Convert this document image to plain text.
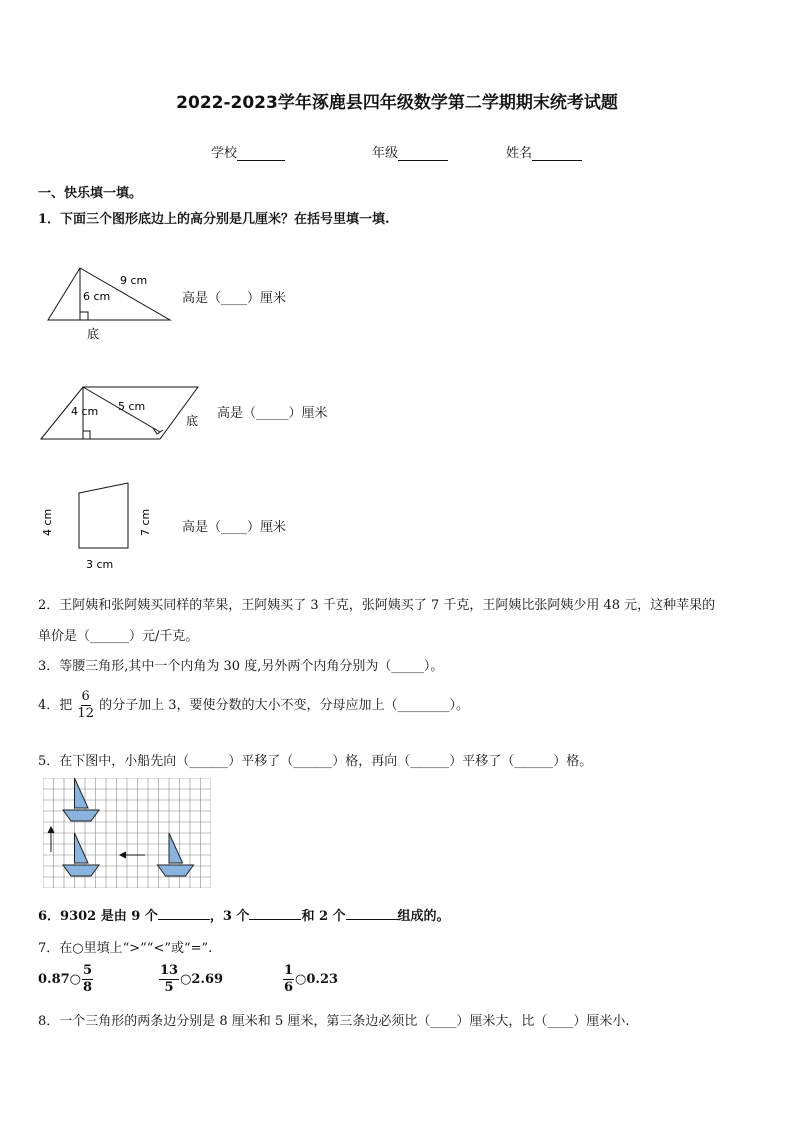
2022-2023学年涿鹿县四年级数学第二学期期末统考试题
学校	年级	姓名
一、快乐填一填。
1．下面三个图形底边上的高分别是几厘米？在括号里填一填.
9 cm
6 cm
底
高是（____）厘米
4 cm 5 cm
底 高是（_____）厘米
4 cm	7 cm
3 cm
高是（____）厘米
2．王阿姨和张阿姨买同样的苹果，王阿姨买了 3 千克，张阿姨买了 7 千克，王阿姨比张阿姨少用 48 元，这种苹果的
单价是（______）元/千克。
3．等腰三角形,其中一个内角为 30 度,另外两个内角分别为（_____）。
4．把 $\frac{6}{12}$ 的分子加上 3，要使分数的大小不变，分母应加上（________）。
5．在下图中，小船先向（______）平移了（______）格，再向（______）平移了（______）格。
6．9302 是由 9 个	，3 个	和 2 个	组成的。
7．在○里填上“>”“<”或“=”.
0.87○ $\frac{5}{8}$	$\frac{13}{5}$ ○2.69	$\frac{1}{6}$ ○0.23
8．一个三角形的两条边分别是 8 厘米和 5 厘米，第三条边必须比（____）厘米大，比（____）厘米小.
